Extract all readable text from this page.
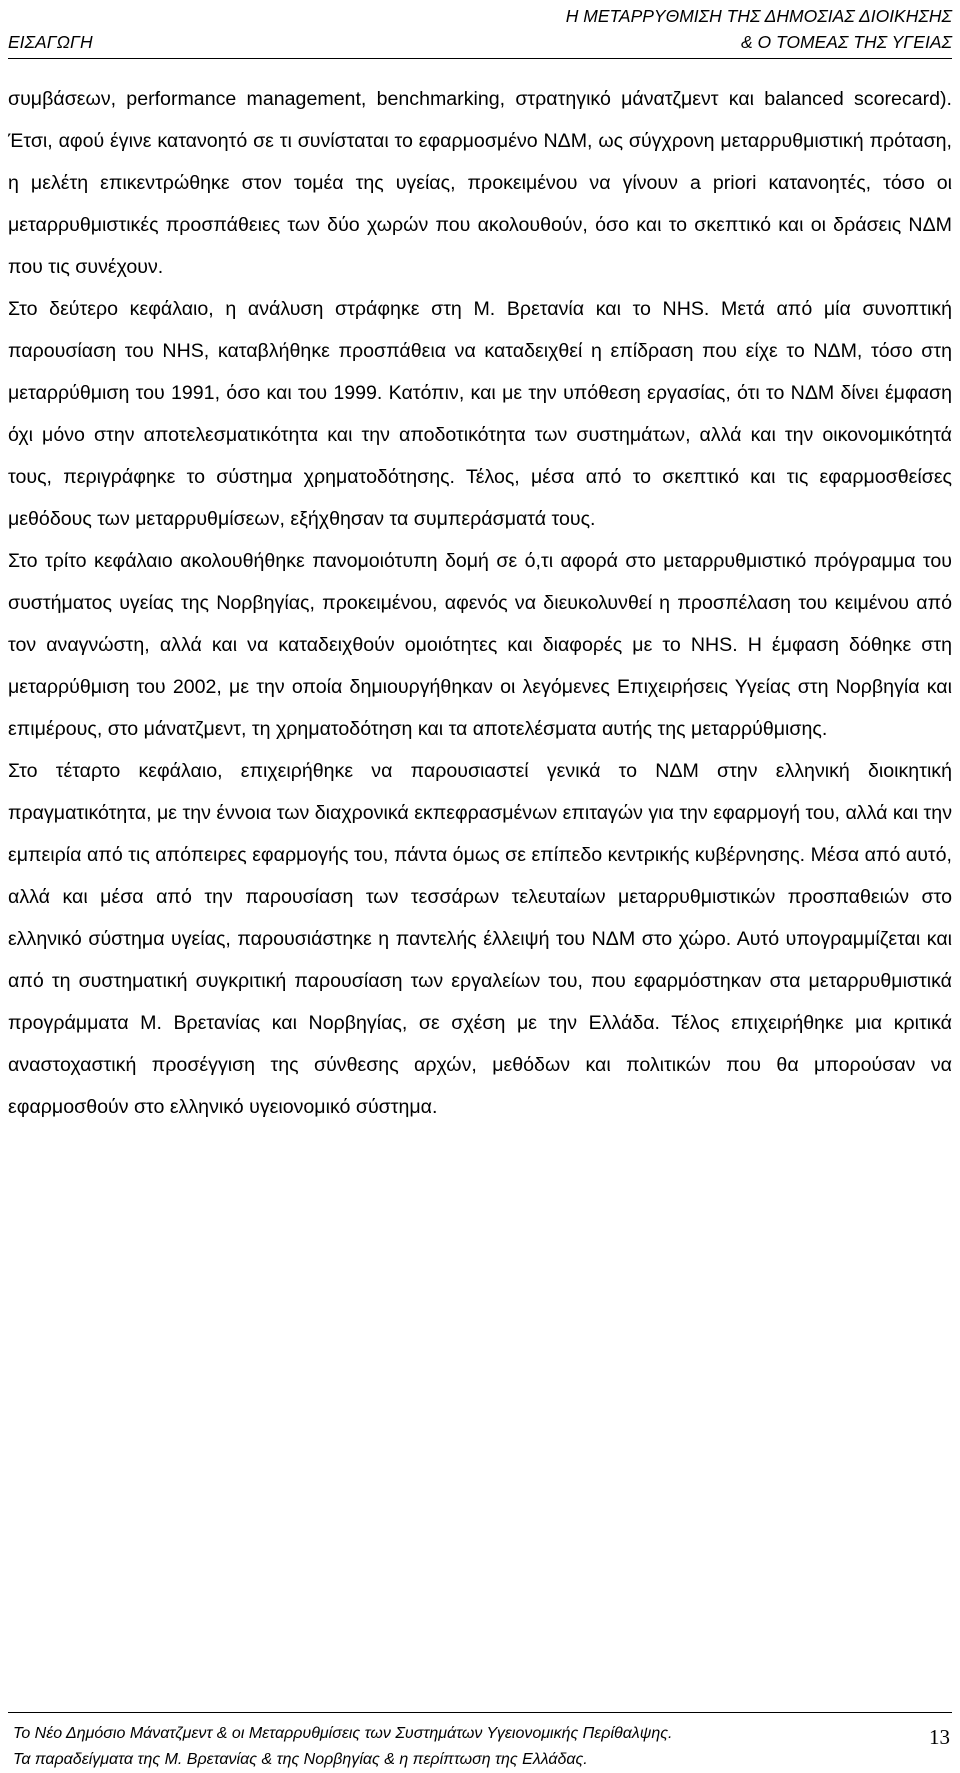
Η ΜΕΤΑΡΡΥΘΜΙΣΗ ΤΗΣ ΔΗΜΟΣΙΑΣ ΔΙΟΙΚΗΣΗΣ
ΕΙΣΑΓΩΓΗ	& Ο ΤΟΜΕΑΣ ΤΗΣ ΥΓΕΙΑΣ

συμβάσεων, performance management, benchmarking, στρατηγικό μάνατζμεντ και balanced scorecard). Έτσι, αφού έγινε κατανοητό σε τι συνίσταται το εφαρμοσμένο ΝΔΜ, ως σύγχρονη μεταρρυθμιστική πρόταση, η μελέτη επικεντρώθηκε στον τομέα της υγείας, προκειμένου να γίνουν a priori κατανοητές, τόσο οι μεταρρυθμιστικές προσπάθειες των δύο χωρών που ακολουθούν, όσο και το σκεπτικό και οι δράσεις ΝΔΜ που τις συνέχουν.

Στο δεύτερο κεφάλαιο, η ανάλυση στράφηκε στη Μ. Βρετανία και το NHS. Μετά από μία συνοπτική παρουσίαση του NHS, καταβλήθηκε προσπάθεια να καταδειχθεί η επίδραση που είχε το ΝΔΜ, τόσο στη μεταρρύθμιση του 1991, όσο και του 1999. Κατόπιν, και με την υπόθεση εργασίας, ότι το ΝΔΜ δίνει έμφαση όχι μόνο στην αποτελεσματικότητα και την αποδοτικότητα των συστημάτων, αλλά και την οικονομικότητά τους, περιγράφηκε το σύστημα χρηματοδότησης. Τέλος, μέσα από το σκεπτικό και τις εφαρμοσθείσες μεθόδους των μεταρρυθμίσεων, εξήχθησαν τα συμπεράσματά τους.

Στο τρίτο κεφάλαιο ακολουθήθηκε πανομοιότυπη δομή σε ό,τι αφορά στο μεταρρυθμιστικό πρόγραμμα του συστήματος υγείας της Νορβηγίας, προκειμένου, αφενός να διευκολυνθεί η προσπέλαση του κειμένου από τον αναγνώστη, αλλά και να καταδειχθούν ομοιότητες και διαφορές με το NHS. Η έμφαση δόθηκε στη μεταρρύθμιση του 2002, με την οποία δημιουργήθηκαν οι λεγόμενες Επιχειρήσεις Υγείας στη Νορβηγία και επιμέρους, στο μάνατζμεντ, τη χρηματοδότηση και τα αποτελέσματα αυτής της μεταρρύθμισης.

Στο τέταρτο κεφάλαιο, επιχειρήθηκε να παρουσιαστεί γενικά το ΝΔΜ στην ελληνική διοικητική πραγματικότητα, με την έννοια των διαχρονικά εκπεφρασμένων επιταγών για την εφαρμογή του, αλλά και την εμπειρία από τις απόπειρες εφαρμογής του, πάντα όμως σε επίπεδο κεντρικής κυβέρνησης. Μέσα από αυτό, αλλά και μέσα από την παρουσίαση των τεσσάρων τελευταίων μεταρρυθμιστικών προσπαθειών στο ελληνικό σύστημα υγείας, παρουσιάστηκε η παντελής έλλειψή του ΝΔΜ στο χώρο. Αυτό υπογραμμίζεται και από τη συστηματική συγκριτική παρουσίαση των εργαλείων του, που εφαρμόστηκαν στα μεταρρυθμιστικά προγράμματα Μ. Βρετανίας και Νορβηγίας, σε σχέση με την Ελλάδα. Τέλος επιχειρήθηκε μια κριτικά αναστοχαστική προσέγγιση της σύνθεσης αρχών, μεθόδων και πολιτικών που θα μπορούσαν να εφαρμοσθούν στο ελληνικό υγειονομικό σύστημα.

Το Νέο Δημόσιο Μάνατζμεντ & οι Μεταρρυθμίσεις των Συστημάτων Υγειονομικής Περίθαλψης.
Τα παραδείγματα της Μ. Βρετανίας & της Νορβηγίας & η περίπτωση της Ελλάδας.
13
